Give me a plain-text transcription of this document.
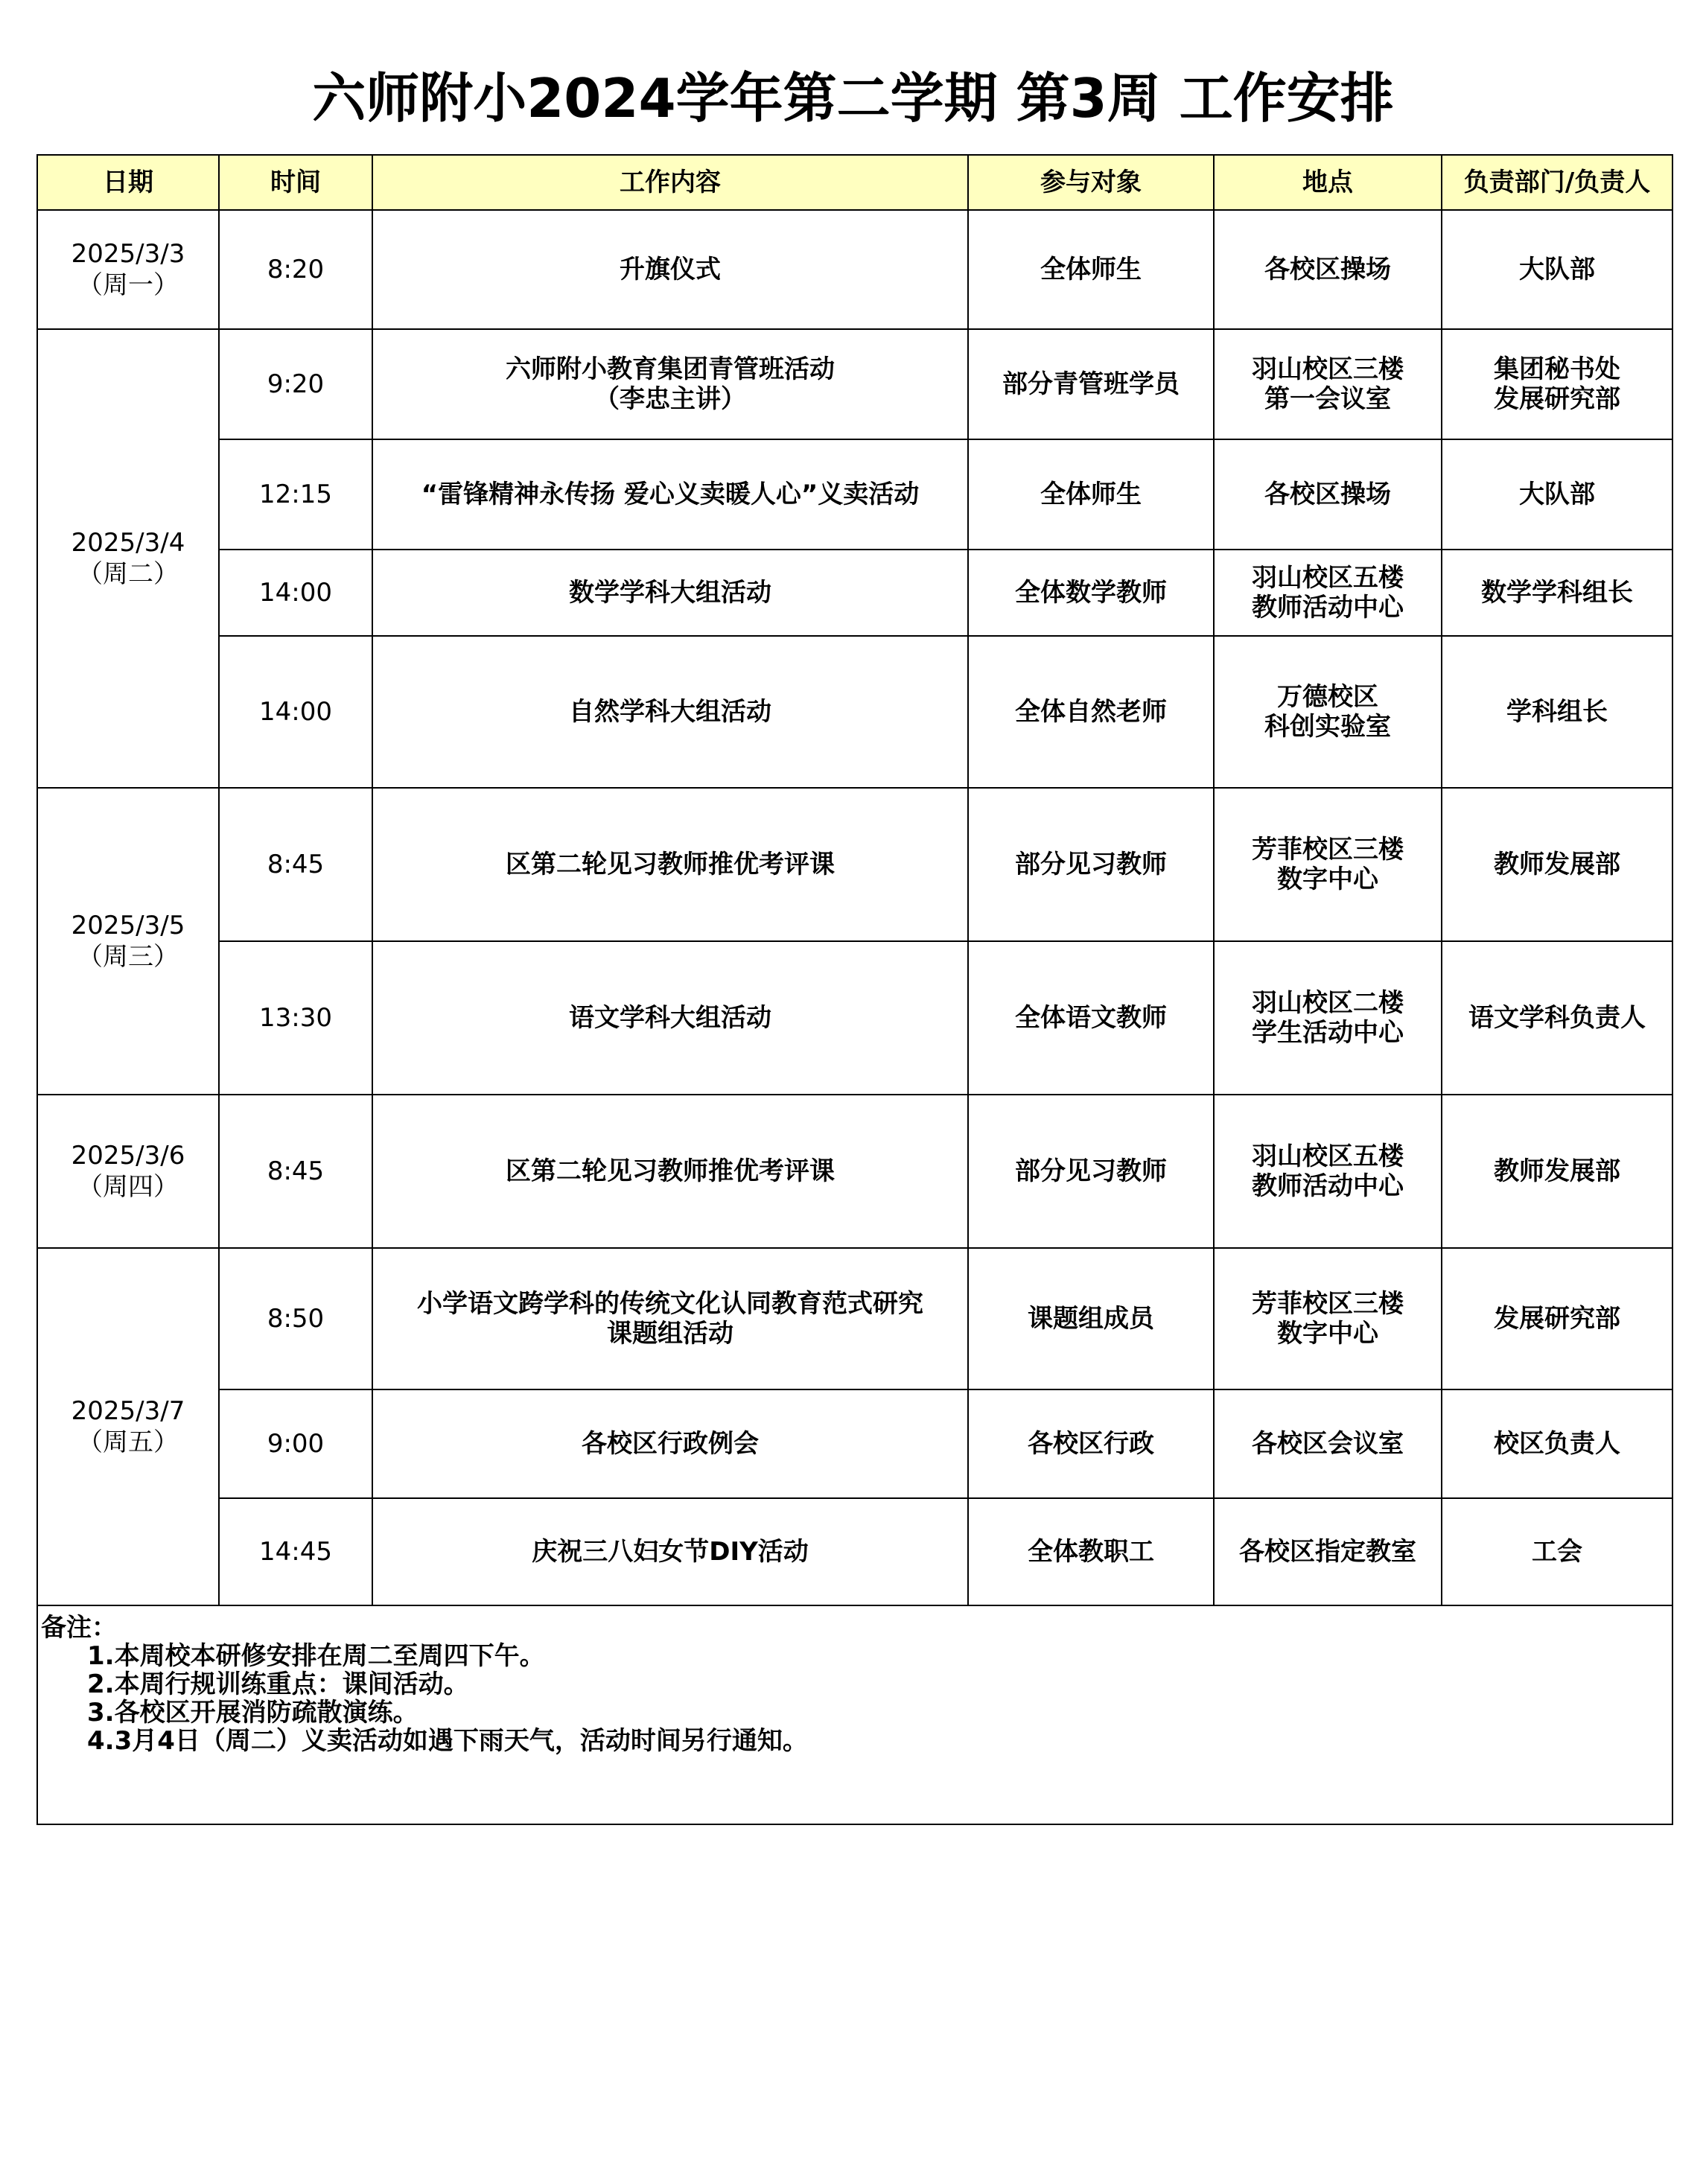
六师附小2024学年第二学期 第3周 工作安排
日期	时间	工作内容	参与对象	地点	负责部门/负责人

2025/3/3
（周一）	8:20	升旗仪式	全体师生	各校区操场	大队部

2025/3/4
（周二）	9:20	六师附小教育集团青管班活动
（李忠主讲）	部分青管班学员	羽山校区三楼
第一会议室	集团秘书处
发展研究部

	12:15	“雷锋精神永传扬 爱心义卖暖人心”义卖活动	全体师生	各校区操场	大队部

	14:00	数学学科大组活动	全体数学教师	羽山校区五楼
教师活动中心	数学学科组长

	14:00	自然学科大组活动	全体自然老师	万德校区
科创实验室	学科组长

2025/3/5
（周三）	8:45	区第二轮见习教师推优考评课	部分见习教师	芳菲校区三楼
数字中心	教师发展部

	13:30	语文学科大组活动	全体语文教师	羽山校区二楼
学生活动中心	语文学科负责人

2025/3/6
（周四）	8:45	区第二轮见习教师推优考评课	部分见习教师	羽山校区五楼
教师活动中心	教师发展部

2025/3/7
（周五）	8:50	小学语文跨学科的传统文化认同教育范式研究
课题组活动	课题组成员	芳菲校区三楼
数字中心	发展研究部

	9:00	各校区行政例会	各校区行政	各校区会议室	校区负责人

	14:45	庆祝三八妇女节DIY活动	全体教职工	各校区指定教室	工会

备注：
1.本周校本研修安排在周二至周四下午。
2.本周行规训练重点：课间活动。
3.各校区开展消防疏散演练。
4.3月4日（周二）义卖活动如遇下雨天气，活动时间另行通知。					
